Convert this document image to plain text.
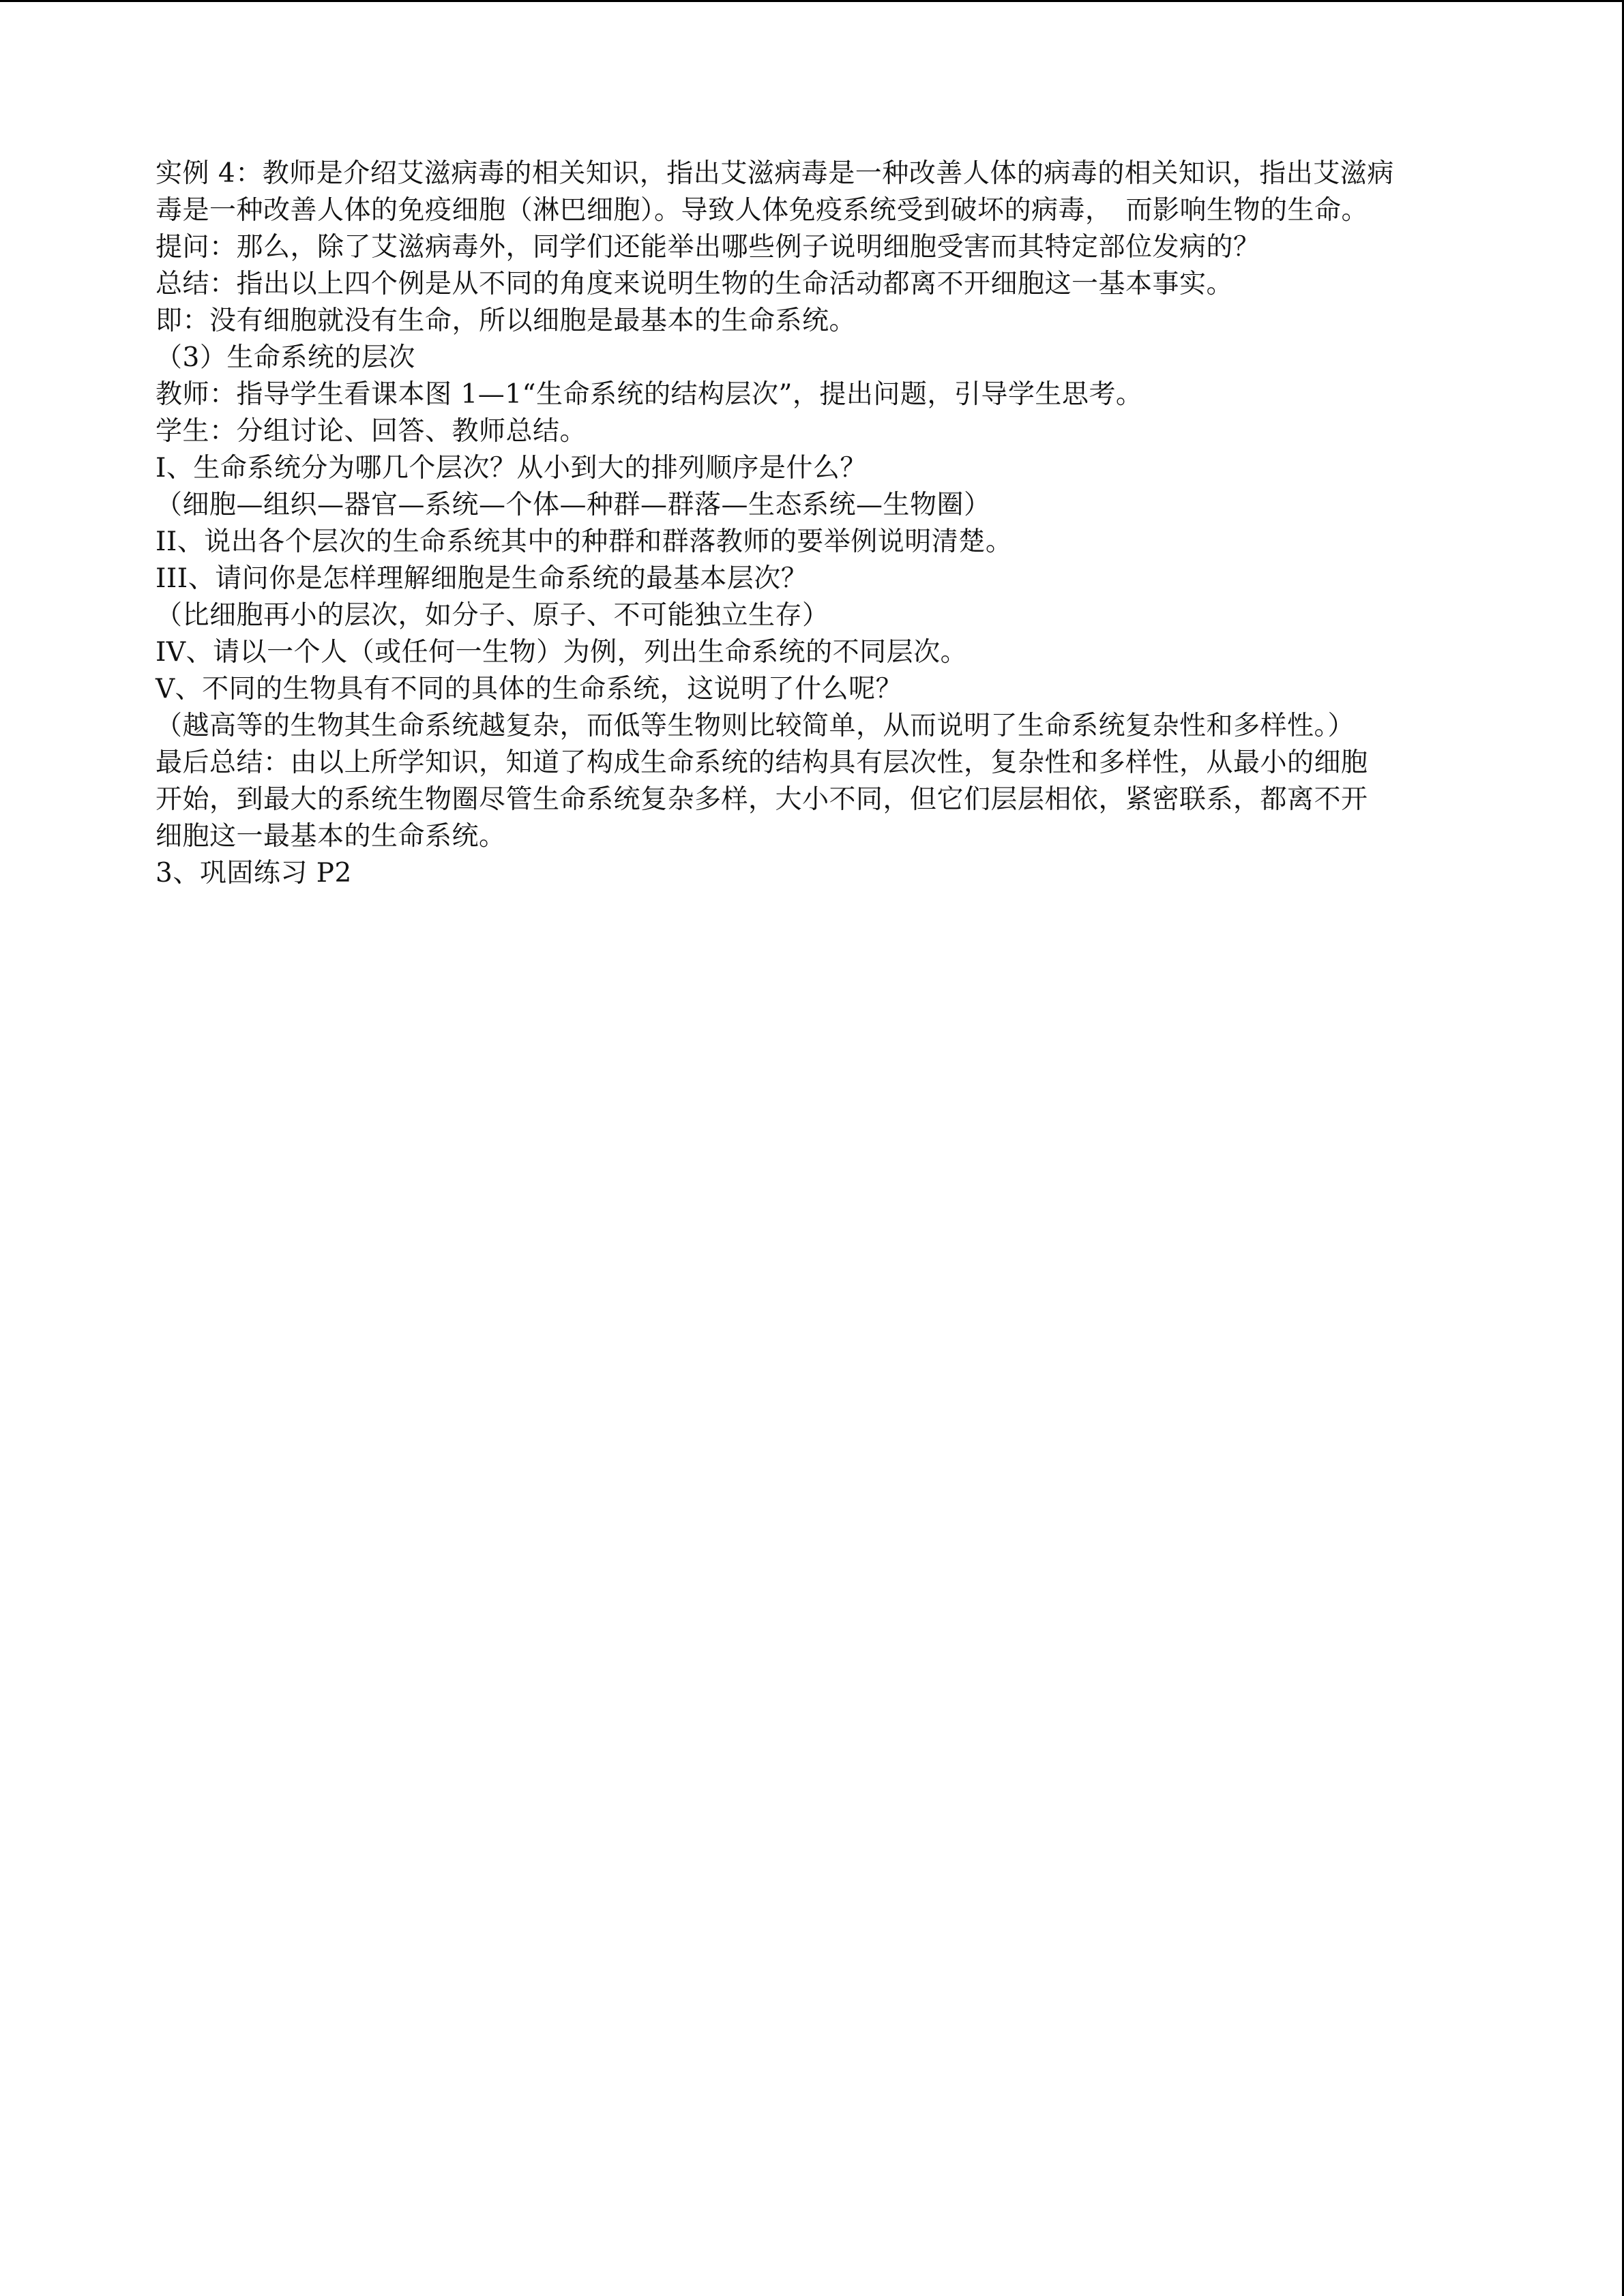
实例 4：教师是介绍艾滋病毒的相关知识，指出艾滋病毒是一种改善人体的病毒的相关知识，指出艾滋病
毒是一种改善人体的免疫细胞（淋巴细胞）。导致人体免疫系统受到破坏的病毒，　而影响生物的生命。
提问：那么，除了艾滋病毒外，同学们还能举出哪些例子说明细胞受害而其特定部位发病的？
总结：指出以上四个例是从不同的角度来说明生物的生命活动都离不开细胞这一基本事实。
即：没有细胞就没有生命，所以细胞是最基本的生命系统。
（3）生命系统的层次
教师：指导学生看课本图 1—1“生命系统的结构层次”，提出问题，引导学生思考。
学生：分组讨论、回答、教师总结。
I、生命系统分为哪几个层次？从小到大的排列顺序是什么？
（细胞—组织—器官—系统—个体—种群—群落—生态系统—生物圈）
II、说出各个层次的生命系统其中的种群和群落教师的要举例说明清楚。
III、请问你是怎样理解细胞是生命系统的最基本层次？
（比细胞再小的层次，如分子、原子、不可能独立生存）
IV、请以一个人（或任何一生物）为例，列出生命系统的不同层次。
V、不同的生物具有不同的具体的生命系统，这说明了什么呢？
（越高等的生物其生命系统越复杂，而低等生物则比较简单，从而说明了生命系统复杂性和多样性。）
最后总结：由以上所学知识，知道了构成生命系统的结构具有层次性，复杂性和多样性，从最小的细胞
开始，到最大的系统生物圈尽管生命系统复杂多样，大小不同，但它们层层相依，紧密联系，都离不开
细胞这一最基本的生命系统。
3、巩固练习 P2
